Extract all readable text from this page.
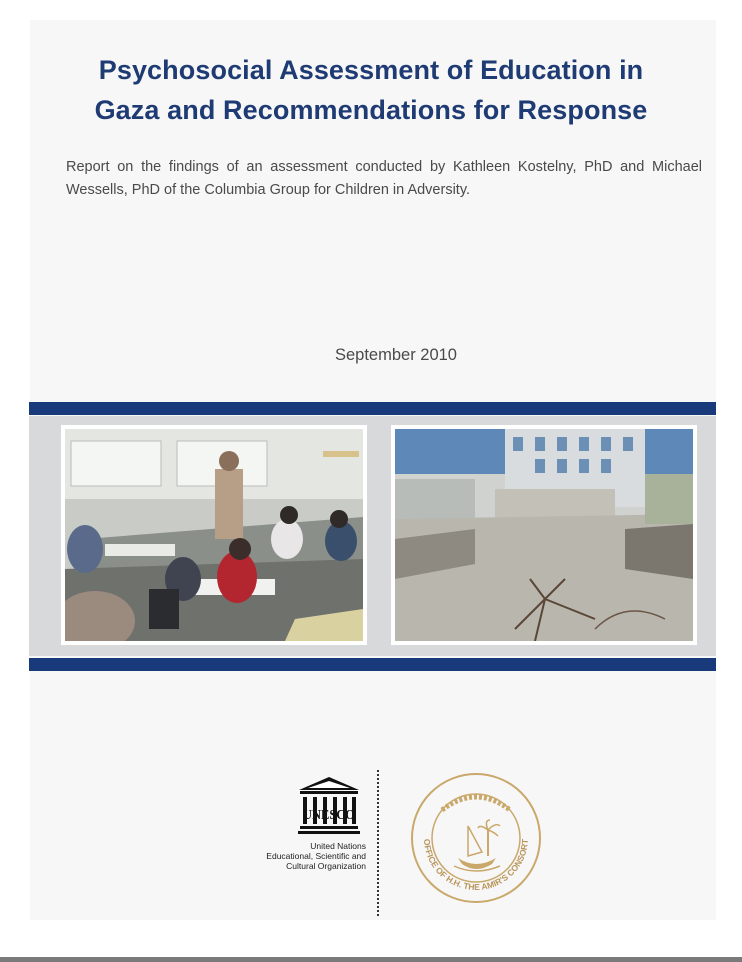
Psychosocial Assessment of Education in
Gaza and Recommendations for Response

Report on the findings of an assessment conducted by Kathleen Kostelny, PhD and Michael Wessells, PhD of the Columbia Group for Children in Adversity.

September 2010
UNESCO
United Nations
Educational, Scientific and
Cultural Organization
OFFICE OF H.H. THE AMIR'S CONSORT
